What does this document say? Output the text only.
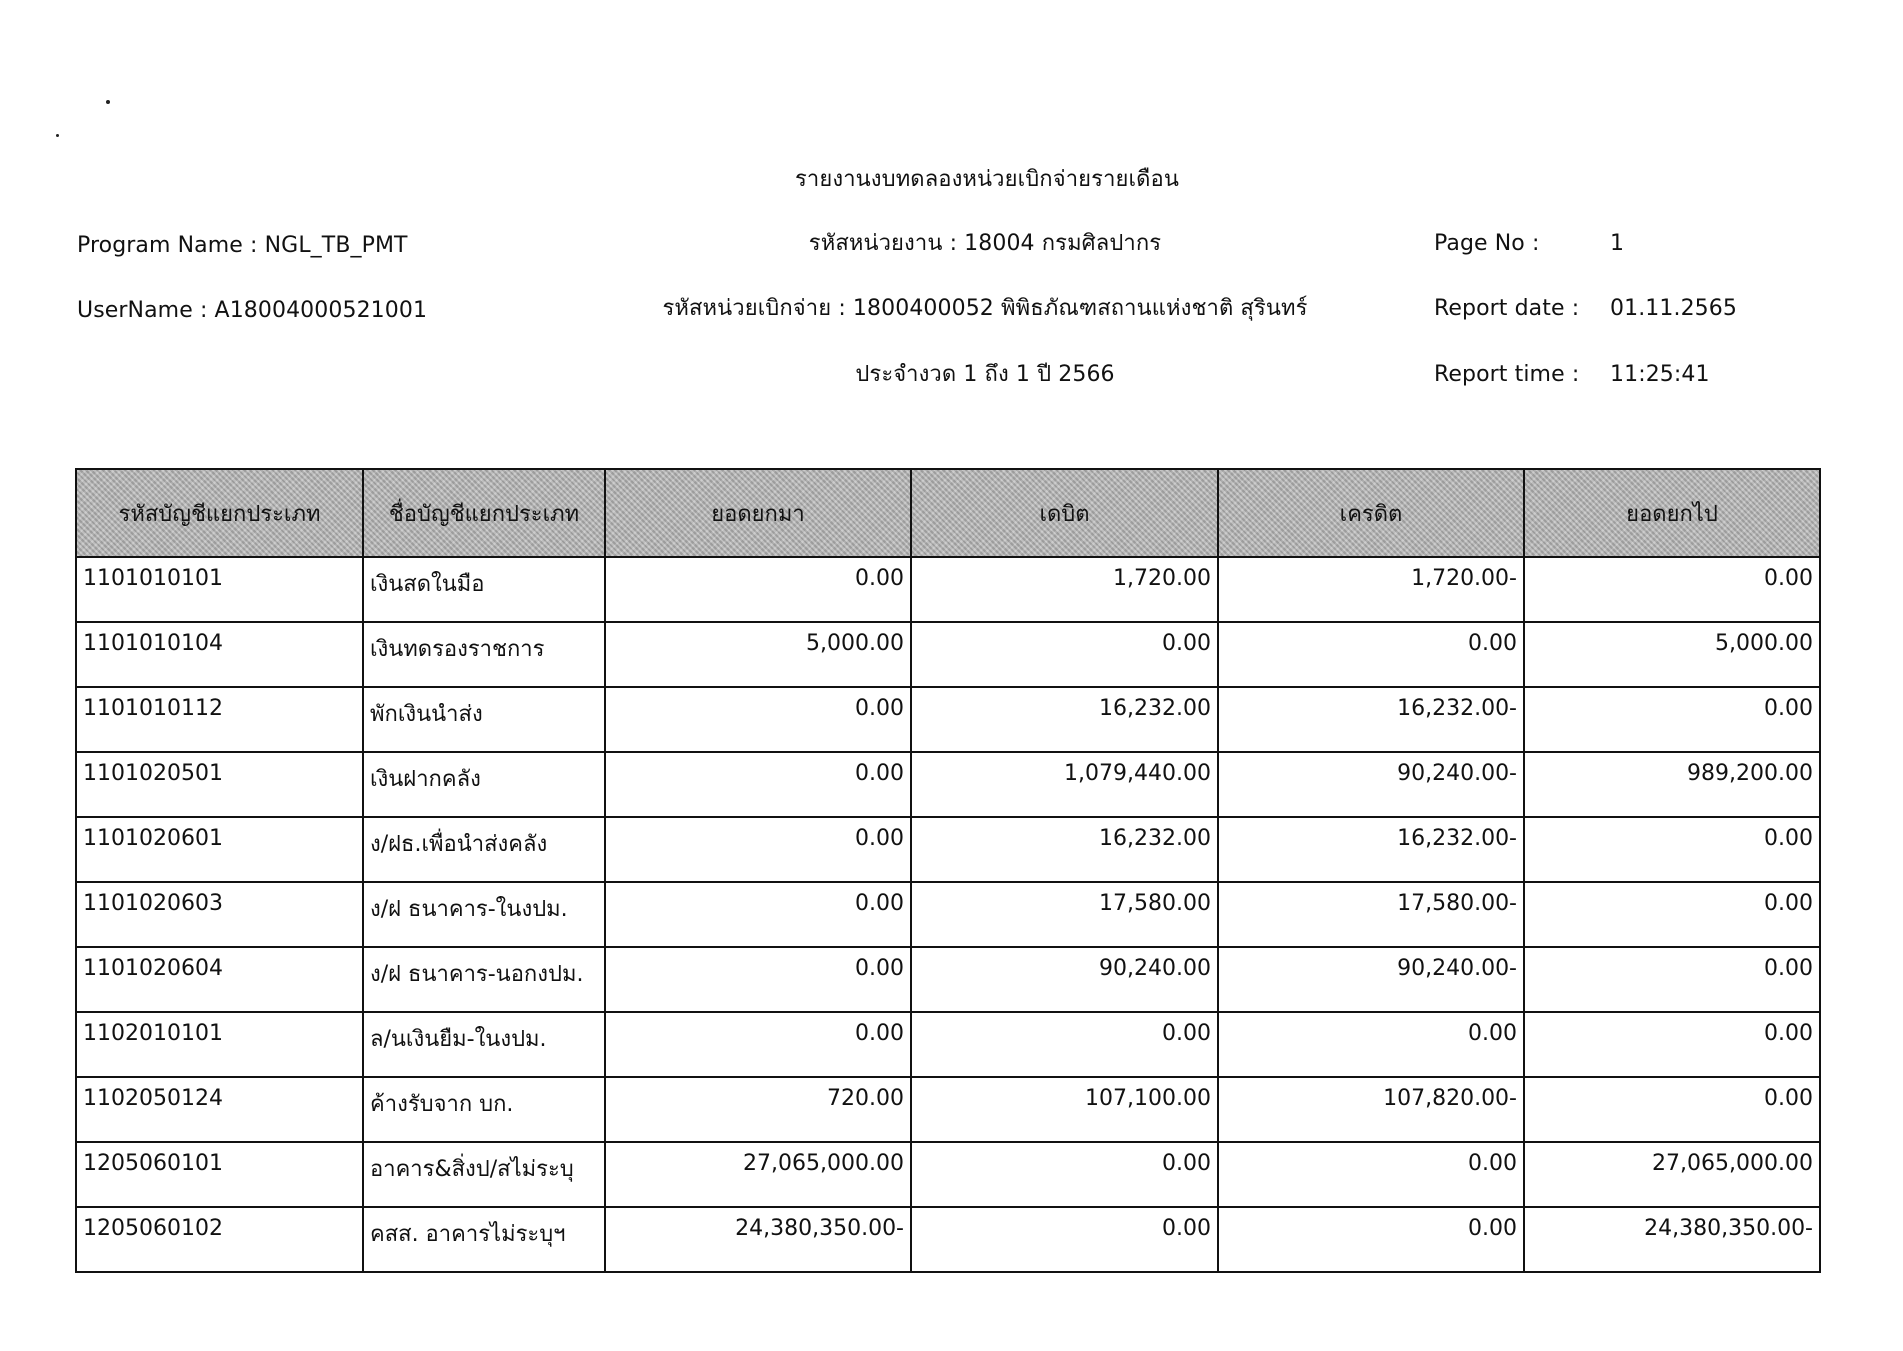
รายงานงบทดลองหน่วยเบิกจ่ายรายเดือน
Program Name : NGL_TB_PMT	รหัสหน่วยงาน : 18004 กรมศิลปากร	Page No :	1
UserName : A18004000521001	รหัสหน่วยเบิกจ่าย : 1800400052 พิพิธภัณฑสถานแห่งชาติ สุรินทร์	Report date : 01.11.2565
ประจำงวด 1 ถึง 1 ปี 2566	Report time : 11:25:41
รหัสบัญชีแยกประเภท	ชื่อบัญชีแยกประเภท	ยอดยกมา	เดบิต	เครดิต	ยอดยกไป
1101010101	เงินสดในมือ	0.00	1,720.00	1,720.00-	0.00
1101010104	เงินทดรองราชการ	5,000.00	0.00	0.00	5,000.00
1101010112	พักเงินนำส่ง	0.00	16,232.00	16,232.00-	0.00
1101020501	เงินฝากคลัง	0.00	1,079,440.00	90,240.00-	989,200.00
1101020601	ง/ฝธ.เพื่อนำส่งคลัง	0.00	16,232.00	16,232.00-	0.00
1101020603	ง/ฝ ธนาคาร-ในงปม.	0.00	17,580.00	17,580.00-	0.00
1101020604	ง/ฝ ธนาคาร-นอกงปม.	0.00	90,240.00	90,240.00-	0.00
1102010101	ล/นเงินยืม-ในงปม.	0.00	0.00	0.00	0.00
1102050124	ค้างรับจาก บก.	720.00	107,100.00	107,820.00-	0.00
1205060101	อาคาร&สิ่งป/สไม่ระบุ	27,065,000.00	0.00	0.00	27,065,000.00
1205060102	คสส. อาคารไม่ระบุฯ	24,380,350.00-	0.00	0.00	24,380,350.00-
